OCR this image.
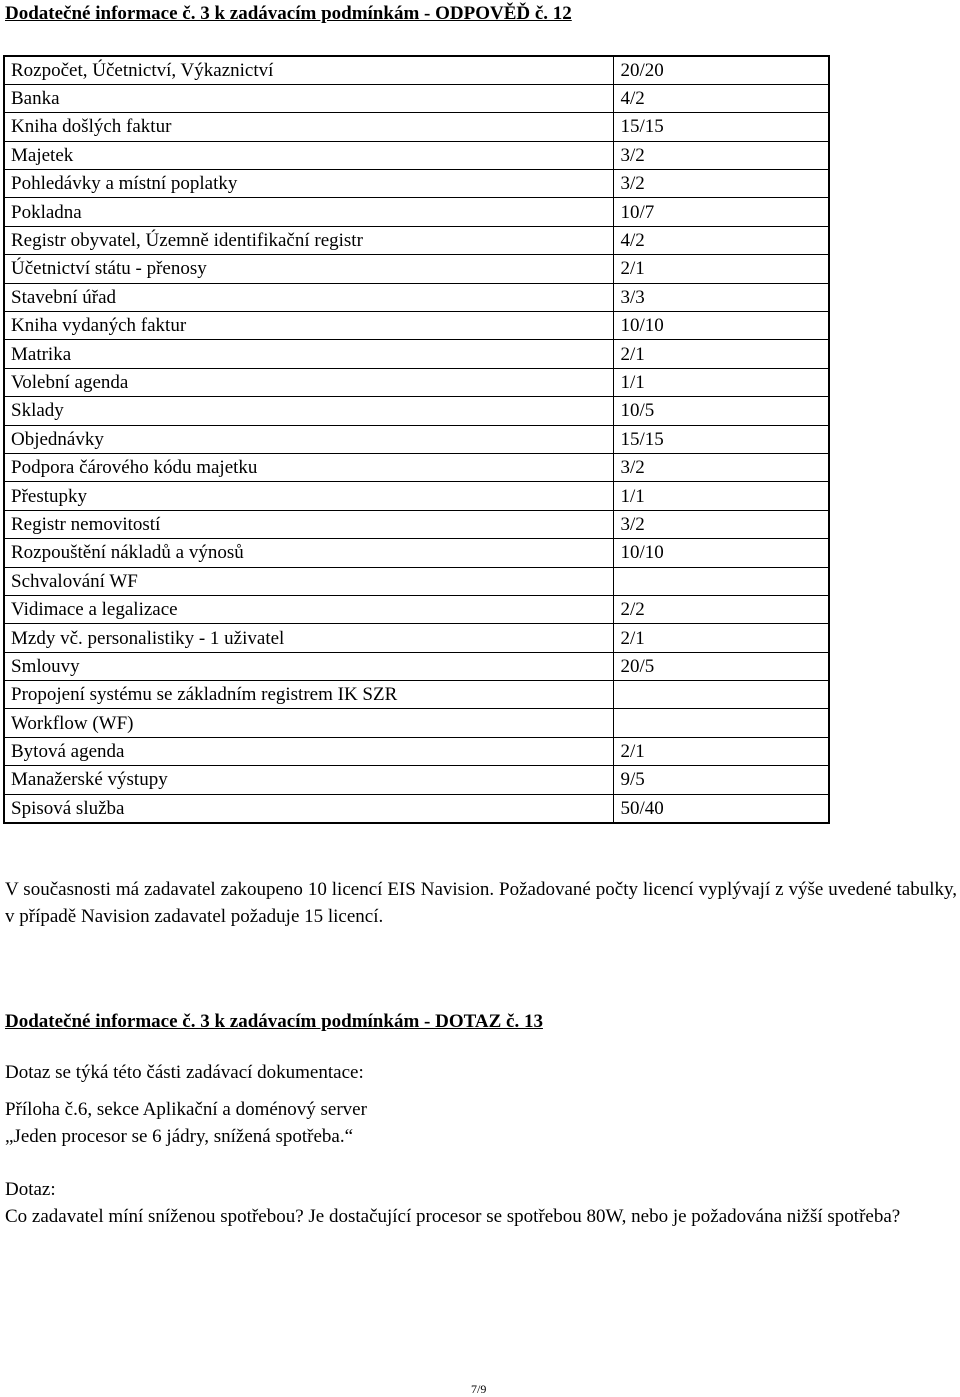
Dodatečné informace č. 3 k zadávacím podmínkám - ODPOVĚĎ č. 12
Rozpočet, Účetnictví, Výkaznictví	20/20
Banka	4/2
Kniha došlých faktur	15/15
Majetek	3/2
Pohledávky a místní poplatky	3/2
Pokladna	10/7
Registr obyvatel, Územně identifikační registr	4/2
Účetnictví státu - přenosy	2/1
Stavební úřad	3/3
Kniha vydaných faktur	10/10
Matrika	2/1
Volební agenda	1/1
Sklady	10/5
Objednávky	15/15
Podpora čárového kódu majetku	3/2
Přestupky	1/1
Registr nemovitostí	3/2
Rozpouštění nákladů a výnosů	10/10
Schvalování WF	
Vidimace a legalizace	2/2
Mzdy vč. personalistiky - 1 uživatel	2/1
Smlouvy	20/5
Propojení systému se základním registrem IK SZR	
Workflow (WF)	
Bytová agenda	2/1
Manažerské výstupy	9/5
Spisová služba	50/40
V současnosti má zadavatel zakoupeno 10 licencí EIS Navision. Požadované počty licencí vyplývají z výše uvedené tabulky, v případě Navision zadavatel požaduje 15 licencí.
Dodatečné informace č. 3 k zadávacím podmínkám - DOTAZ č. 13
Dotaz se týká této části zadávací dokumentace:
Příloha č.6, sekce Aplikační a doménový server
„Jeden procesor se 6 jádry, snížená spotřeba.“
Dotaz:
Co zadavatel míní sníženou spotřebou? Je dostačující procesor se spotřebou 80W, nebo je požadována nižší spotřeba?
7/9
